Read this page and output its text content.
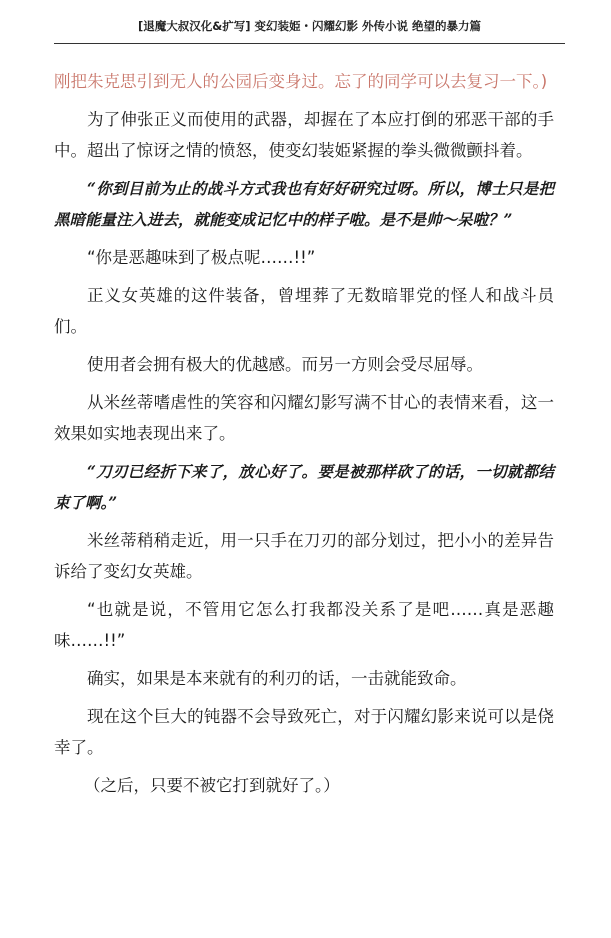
[退魔大叔汉化&扩写] 变幻装姫・闪耀幻影 外传小说 绝望的暴力篇

刚把朱克思引到无人的公园后变身过。忘了的同学可以去复习一下。)

为了伸张正义而使用的武器，却握在了本应打倒的邪恶干部的手中。超出了惊讶之情的愤怒，使变幻装姫紧握的拳头微微颤抖着。

“你到目前为止的战斗方式我也有好好研究过呀。所以，博士只是把黑暗能量注入进去，就能变成记忆中的样子啦。是不是帅～呆啦？”

“你是恶趣味到了极点呢……!!”

正义女英雄的这件装备，曾埋葬了无数暗罪党的怪人和战斗员们。

使用者会拥有极大的优越感。而另一方则会受尽屈辱。

从米丝蒂嗜虐性的笑容和闪耀幻影写满不甘心的表情来看，这一效果如实地表现出来了。

“刀刃已经折下来了，放心好了。要是被那样砍了的话，一切就都结束了啊。”

米丝蒂稍稍走近，用一只手在刀刃的部分划过，把小小的差异告诉给了变幻女英雄。

“也就是说，不管用它怎么打我都没关系了是吧……真是恶趣味……!!”

确实，如果是本来就有的利刃的话，一击就能致命。

现在这个巨大的钝器不会导致死亡，对于闪耀幻影来说可以是侥幸了。

（之后，只要不被它打到就好了。）
